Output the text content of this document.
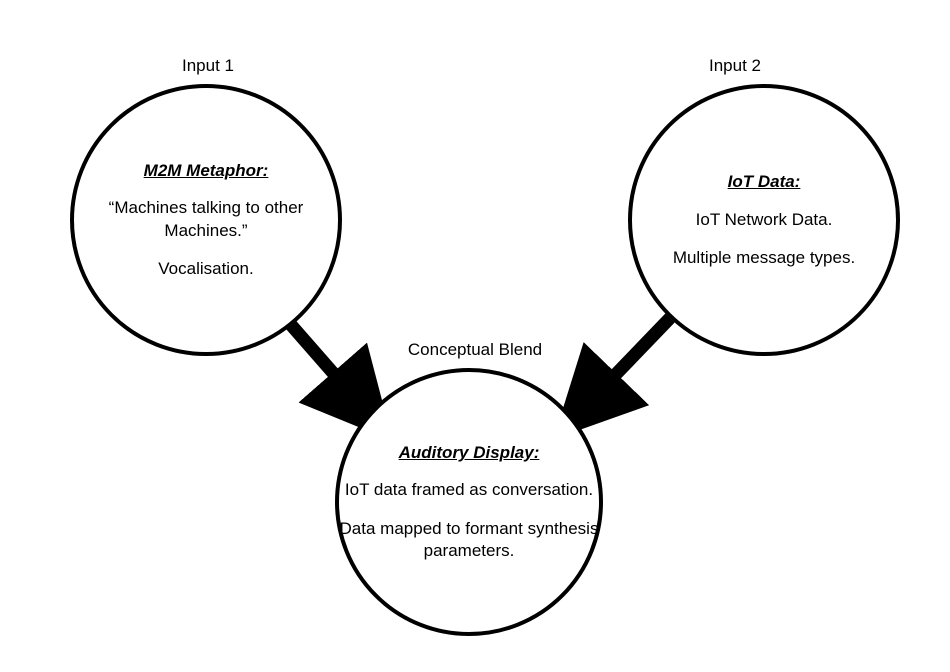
Input 1	Input 2
Conceptual Blend
M2M Metaphor:
“Machines talking to other Machines.”
Vocalisation.
IoT Data:
IoT Network Data.
Multiple message types.
Auditory Display:
IoT data framed as conversation.
Data mapped to formant synthesis parameters.
